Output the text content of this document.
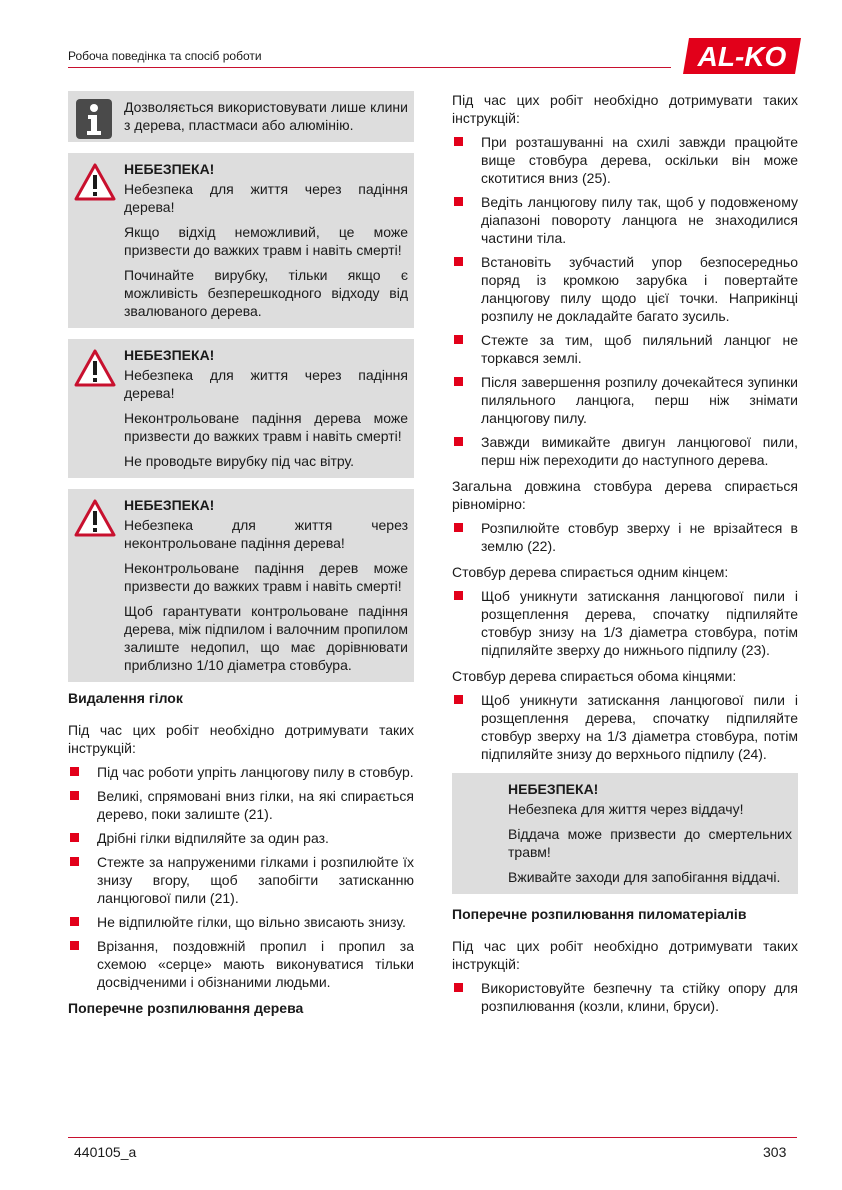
Робоча поведінка та спосіб роботи	AL-KO

Дозволяється використовувати лише клини з дерева, пластмаси або алюмінію.

НЕБЕЗПЕКА!

Небезпека для життя через падіння дерева!

Якщо відхід неможливий, це може призвести до важких травм і навіть смерті!

Починайте вирубку, тільки якщо є можливість безперешкодного відходу від звалюваного дерева.

НЕБЕЗПЕКА!

Небезпека для життя через падіння дерева!

Неконтрольоване падіння дерева може призвести до важких травм і навіть смерті!

Не проводьте вирубку під час вітру.

НЕБЕЗПЕКА!

Небезпека для життя через неконтрольоване падіння дерева!

Неконтрольоване падіння дерев може призвести до важких травм і навіть смерті!

Щоб гарантувати контрольоване падіння дерева, між підпилом і валочним пропилом залиште недопил, що має дорівнювати приблизно 1/10 діаметра стовбура.

Видалення гілок

Під час цих робіт необхідно дотримувати таких інструкцій:

Під час роботи упріть ланцюгову пилу в стовбур.
Великі, спрямовані вниз гілки, на які спирається дерево, поки залиште (21).
Дрібні гілки відпиляйте за один раз.
Стежте за напруженими гілками і розпилюйте їх знизу вгору, щоб запобігти затисканню ланцюгової пили (21).
Не відпилюйте гілки, що вільно звисають знизу.
Врізання, поздовжній пропил і пропил за схемою «серце» мають виконуватися тільки досвідченими і обізнаними людьми.
Поперечне розпилювання дерева

Під час цих робіт необхідно дотримувати таких інструкцій:

При розташуванні на схилі завжди працюйте вище стовбура дерева, оскільки він може скотитися вниз (25).
Ведіть ланцюгову пилу так, щоб у подовженому діапазоні повороту ланцюга не знаходилися частини тіла.
Встановіть зубчастий упор безпосередньо поряд із кромкою зарубка і повертайте ланцюгову пилу щодо цієї точки. Наприкінці розпилу не докладайте багато зусиль.
Стежте за тим, щоб пиляльний ланцюг не торкався землі.
Після завершення розпилу дочекайтеся зупинки пиляльного ланцюга, перш ніж знімати ланцюгову пилу.
Завжди вимикайте двигун ланцюгової пили, перш ніж переходити до наступного дерева.

Загальна довжина стовбура дерева спирається рівномірно:

Розпилюйте стовбур зверху і не врізайтеся в землю (22).

Стовбур дерева спирається одним кінцем:

Щоб уникнути затискання ланцюгової пили і розщеплення дерева, спочатку підпиляйте стовбур знизу на 1/3 діаметра стовбура, потім підпиляйте зверху до нижнього підпилу (23).

Стовбур дерева спирається обома кінцями:

Щоб уникнути затискання ланцюгової пили і розщеплення дерева, спочатку підпиляйте стовбур зверху на 1/3 діаметра стовбура, потім підпиляйте знизу до верхнього підпилу (24).

НЕБЕЗПЕКА!

Небезпека для життя через віддачу!

Віддача може призвести до смертельних травм!

Вживайте заходи для запобігання віддачі.

Поперечне розпилювання пиломатеріалів

Під час цих робіт необхідно дотримувати таких інструкцій:

Використовуйте безпечну та стійку опору для розпилювання (козли, клини, бруси).
440105_a	303
